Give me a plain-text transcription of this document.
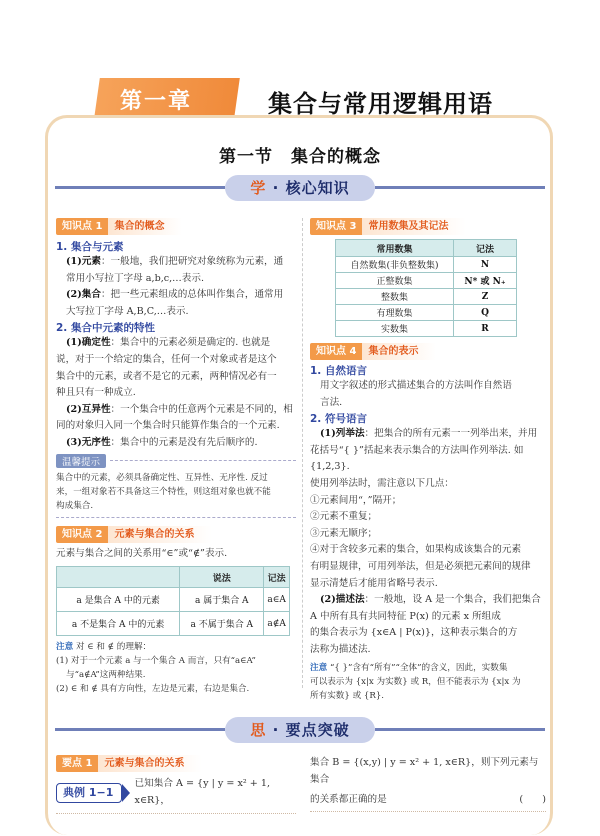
第一章	集合与常用逻辑用语
第一节　集合的概念
学 · 核心知识
知识点 1	集合的概念
1. 集合与元素
(1)元素：一般地，我们把研究对象统称为元素，通
常用小写拉丁字母 a,b,c,…表示.
(2)集合：把一些元素组成的总体叫作集合，通常用
大写拉丁字母 A,B,C,…表示.
2. 集合中元素的特性
(1)确定性：集合中的元素必须是确定的. 也就是
说，对于一个给定的集合，任何一个对象或者是这个
集合中的元素，或者不是它的元素，两种情况必有一
种且只有一种成立.
(2)互异性：一个集合中的任意两个元素是不同的，相
同的对象归入同一个集合时只能算作集合的一个元素.
(3)无序性：集合中的元素是没有先后顺序的.
温馨提示
集合中的元素，必须具备确定性、互异性、无序性. 反过
来，一组对象若不具备这三个特性，则这组对象也就不能
构成集合.
知识点 2	元素与集合的关系
元素与集合之间的关系用“∈”或“∉”表示.
	说法	记法
a 是集合 A 中的元素	a 属于集合 A	a∈A
a 不是集合 A 中的元素	a 不属于集合 A	a∉A
注意 对 ∈ 和 ∉ 的理解：
(1) 对于一个元素 a 与一个集合 A 而言，只有“a∈A”
与“a∉A”这两种结果.
(2) ∈ 和 ∉ 具有方向性，左边是元素，右边是集合.
知识点 3	常用数集及其记法
常用数集	记法
自然数集(非负整数集)	N
正整数集	N* 或 N₊
整数集	Z
有理数集	Q
实数集	R
知识点 4	集合的表示
1. 自然语言
用文字叙述的形式描述集合的方法叫作自然语
言法.
2. 符号语言
(1)列举法：把集合的所有元素一一列举出来，并用
花括号“{ }”括起来表示集合的方法叫作列举法. 如
{1,2,3}.
使用列举法时，需注意以下几点：
①元素间用“，”隔开；
②元素不重复；
③元素无顺序；
④对于含较多元素的集合，如果构成该集合的元素
有明显规律，可用列举法，但是必须把元素间的规律
显示清楚后才能用省略号表示.
(2)描述法：一般地，设 A 是一个集合，我们把集合
A 中所有具有共同特征 P(x) 的元素 x 所组成
的集合表示为 {x∈A | P(x)}，这种表示集合的方
法称为描述法.
注意 “{ }”含有“所有”“全体”的含义，因此，实数集
可以表示为 {x|x 为实数} 或 R，但不能表示为 {x|x 为
所有实数} 或 {R}.
思 · 要点突破
要点 1	元素与集合的关系
典例 1−1
已知集合 A = {y | y = x² + 1, x∈R}，
集合 B = {(x,y) | y = x² + 1, x∈R}，则下列元素与集合
的关系都正确的是	(　　)
